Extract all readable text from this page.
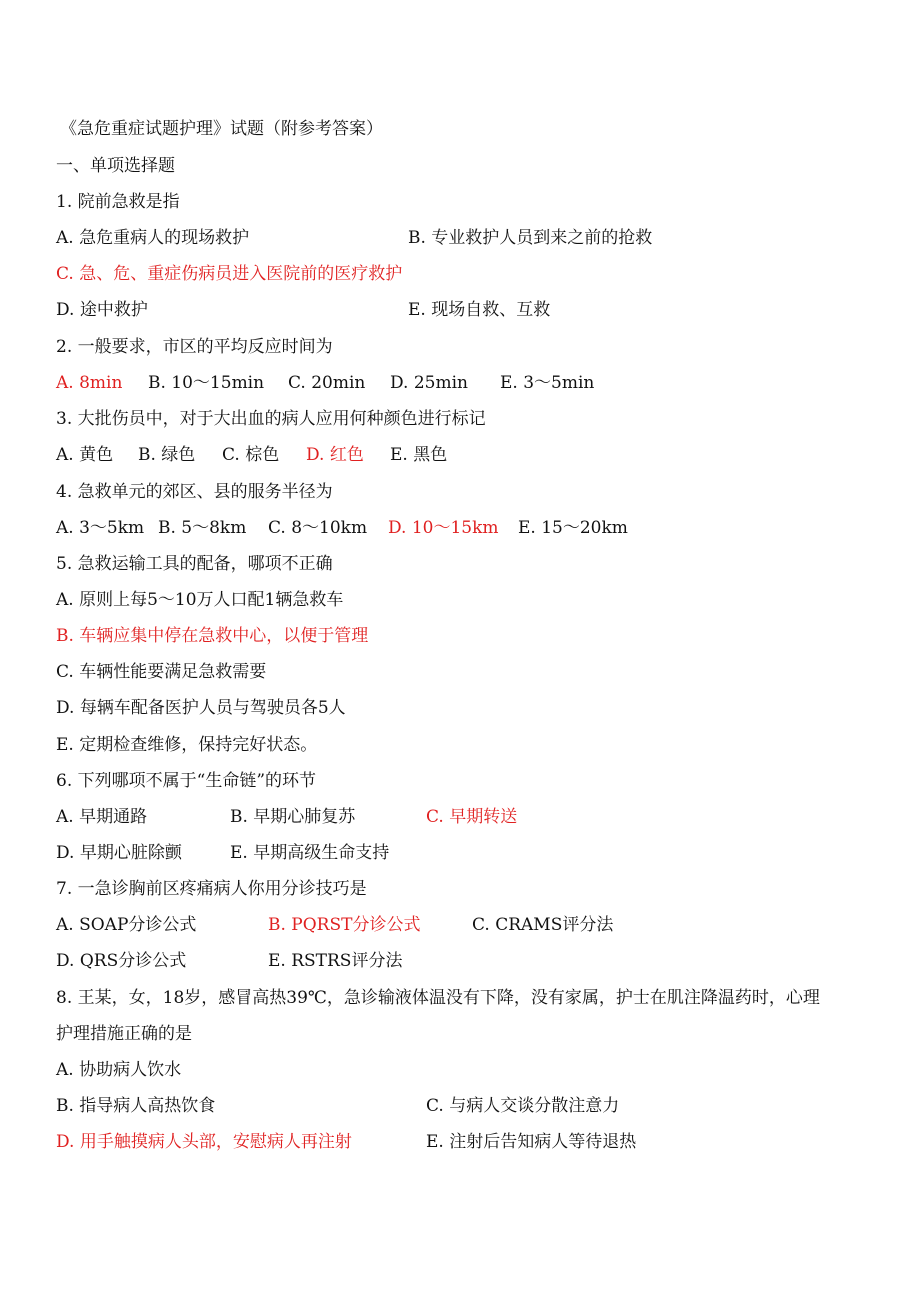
《急危重症试题护理》试题（附参考答案）
一、单项选择题
1. 院前急救是指
A. 急危重病人的现场救护	B. 专业救护人员到来之前的抢救
C. 急、危、重症伤病员进入医院前的医疗救护
D. 途中救护	E. 现场自救、互救
2. 一般要求，市区的平均反应时间为
A. 8min B. 10～15min C. 20min D. 25min E. 3～5min
3. 大批伤员中，对于大出血的病人应用何种颜色进行标记
A. 黄色 B. 绿色 C. 棕色 D. 红色 E. 黑色
4. 急救单元的郊区、县的服务半径为
A. 3～5km B. 5～8km C. 8～10km D. 10～15km E. 15～20km
5. 急救运输工具的配备，哪项不正确
A. 原则上每5～10万人口配1辆急救车
B. 车辆应集中停在急救中心，以便于管理
C. 车辆性能要满足急救需要
D. 每辆车配备医护人员与驾驶员各5人
E. 定期检查维修，保持完好状态。
6. 下列哪项不属于“生命链”的环节
A. 早期通路	B. 早期心肺复苏	C. 早期转送
D. 早期心脏除颤	E. 早期高级生命支持
7. 一急诊胸前区疼痛病人你用分诊技巧是
A. SOAP分诊公式	B. PQRST分诊公式	C. CRAMS评分法
D. QRS分诊公式	E. RSTRS评分法
8. 王某，女，18岁，感冒高热39℃，急诊输液体温没有下降，没有家属，护士在肌注降温药时，心理
护理措施正确的是
A. 协助病人饮水
B. 指导病人高热饮食	C. 与病人交谈分散注意力
D. 用手触摸病人头部，安慰病人再注射	E. 注射后告知病人等待退热
